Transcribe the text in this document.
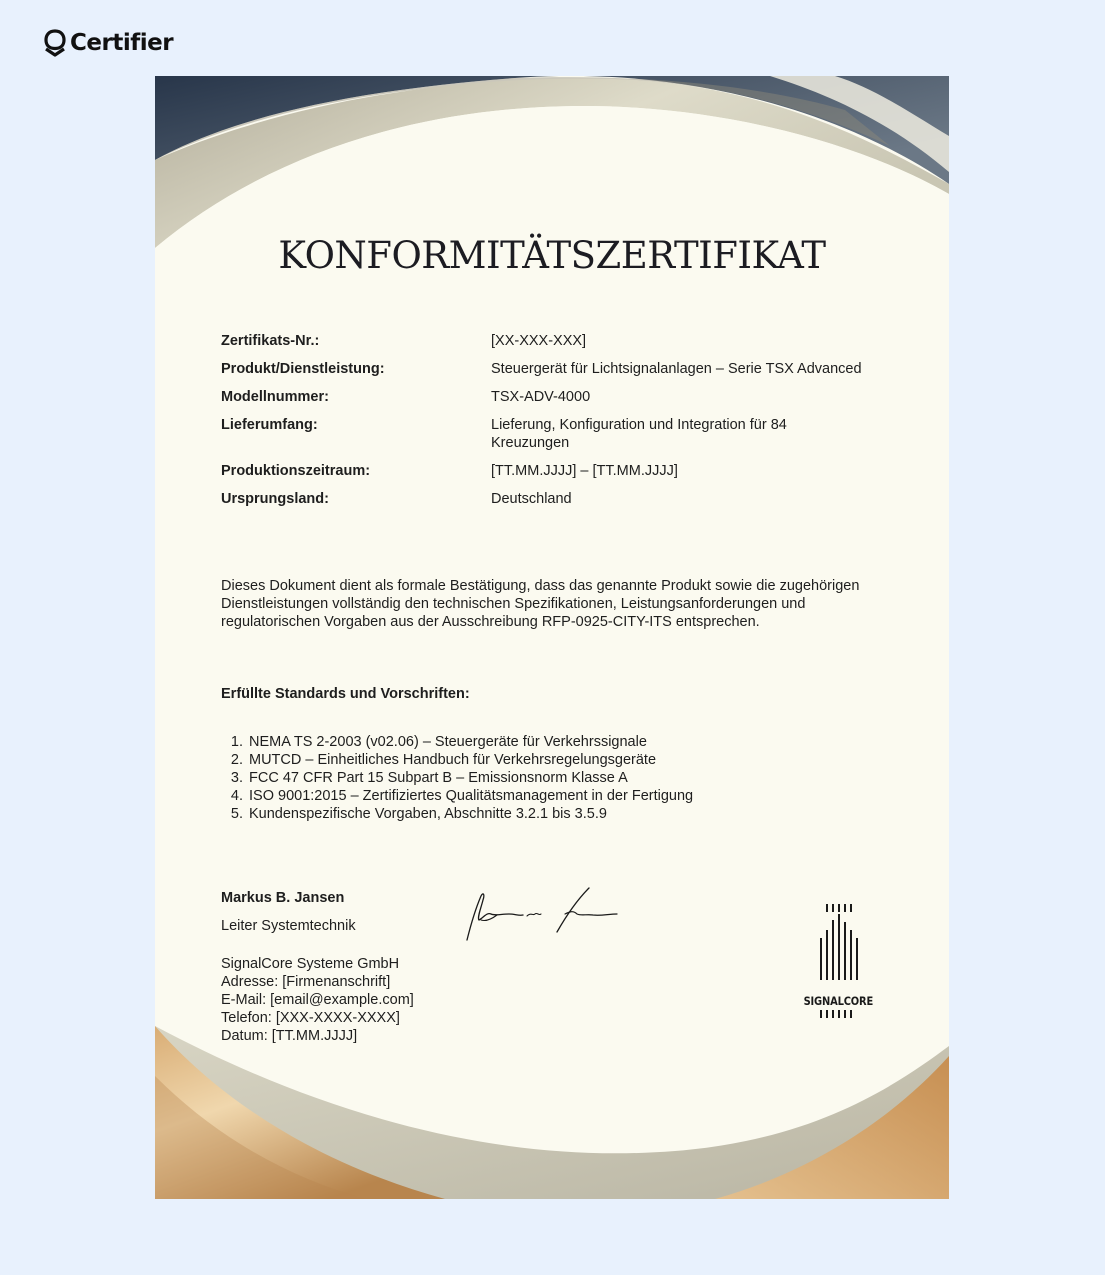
Certifier
KONFORMITÄTSZERTIFIKAT
Zertifikats-Nr.:	[XX-XXX-XXX]
Produkt/Dienstleistung:	Steuergerät für Lichtsignalanlagen – Serie TSX Advanced
Modellnummer:	TSX-ADV-4000
Lieferumfang:	Lieferung, Konfiguration und Integration für 84 Kreuzungen
Produktionszeitraum:	[TT.MM.JJJJ] – [TT.MM.JJJJ]
Ursprungsland:	Deutschland

Dieses Dokument dient als formale Bestätigung, dass das genannte Produkt sowie die zugehörigen Dienstleistungen vollständig den technischen Spezifikationen, Leistungsanforderungen und regulatorischen Vorgaben aus der Ausschreibung RFP-0925-CITY-ITS entsprechen.

Erfüllte Standards und Vorschriften:
1. NEMA TS 2-2003 (v02.06) – Steuergeräte für Verkehrssignale
2. MUTCD – Einheitliches Handbuch für Verkehrsregelungsgeräte
3. FCC 47 CFR Part 15 Subpart B – Emissionsnorm Klasse A
4. ISO 9001:2015 – Zertifiziertes Qualitätsmanagement in der Fertigung
5. Kundenspezifische Vorgaben, Abschnitte 3.2.1 bis 3.5.9
Markus B. Jansen
Leiter Systemtechnik
SignalCore Systeme GmbH
Adresse: [Firmenanschrift]
E-Mail: [email@example.com]
Telefon: [XXX-XXXX-XXXX]
Datum: [TT.MM.JJJJ]
SIGNALCORE
